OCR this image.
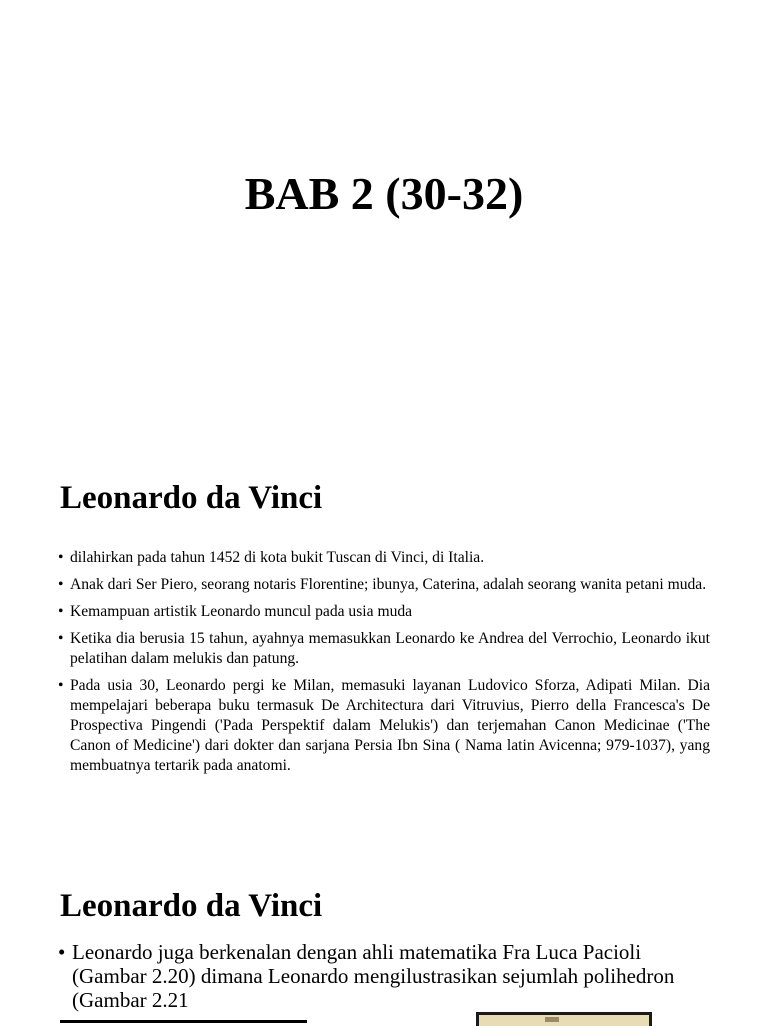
BAB 2 (30-32)
Leonardo da Vinci
• dilahirkan pada tahun 1452 di kota bukit Tuscan di Vinci, di Italia.
• Anak dari Ser Piero, seorang notaris Florentine; ibunya, Caterina, adalah seorang wanita petani muda.
• Kemampuan artistik Leonardo muncul pada usia muda
• Ketika dia berusia 15 tahun, ayahnya memasukkan Leonardo ke Andrea del Verrochio, Leonardo ikut pelatihan dalam melukis dan patung.
• Pada usia 30, Leonardo pergi ke Milan, memasuki layanan Ludovico Sforza, Adipati Milan. Dia mempelajari beberapa buku termasuk De Architectura dari Vitruvius, Pierro della Francesca's De Prospectiva Pingendi ('Pada Perspektif dalam Melukis') dan terjemahan Canon Medicinae ('The Canon of Medicine') dari dokter dan sarjana Persia Ibn Sina ( Nama latin Avicenna; 979-1037), yang membuatnya tertarik pada anatomi.
Leonardo da Vinci
• Leonardo juga berkenalan dengan ahli matematika Fra Luca Pacioli (Gambar 2.20) dimana Leonardo mengilustrasikan sejumlah polihedron (Gambar 2.21
